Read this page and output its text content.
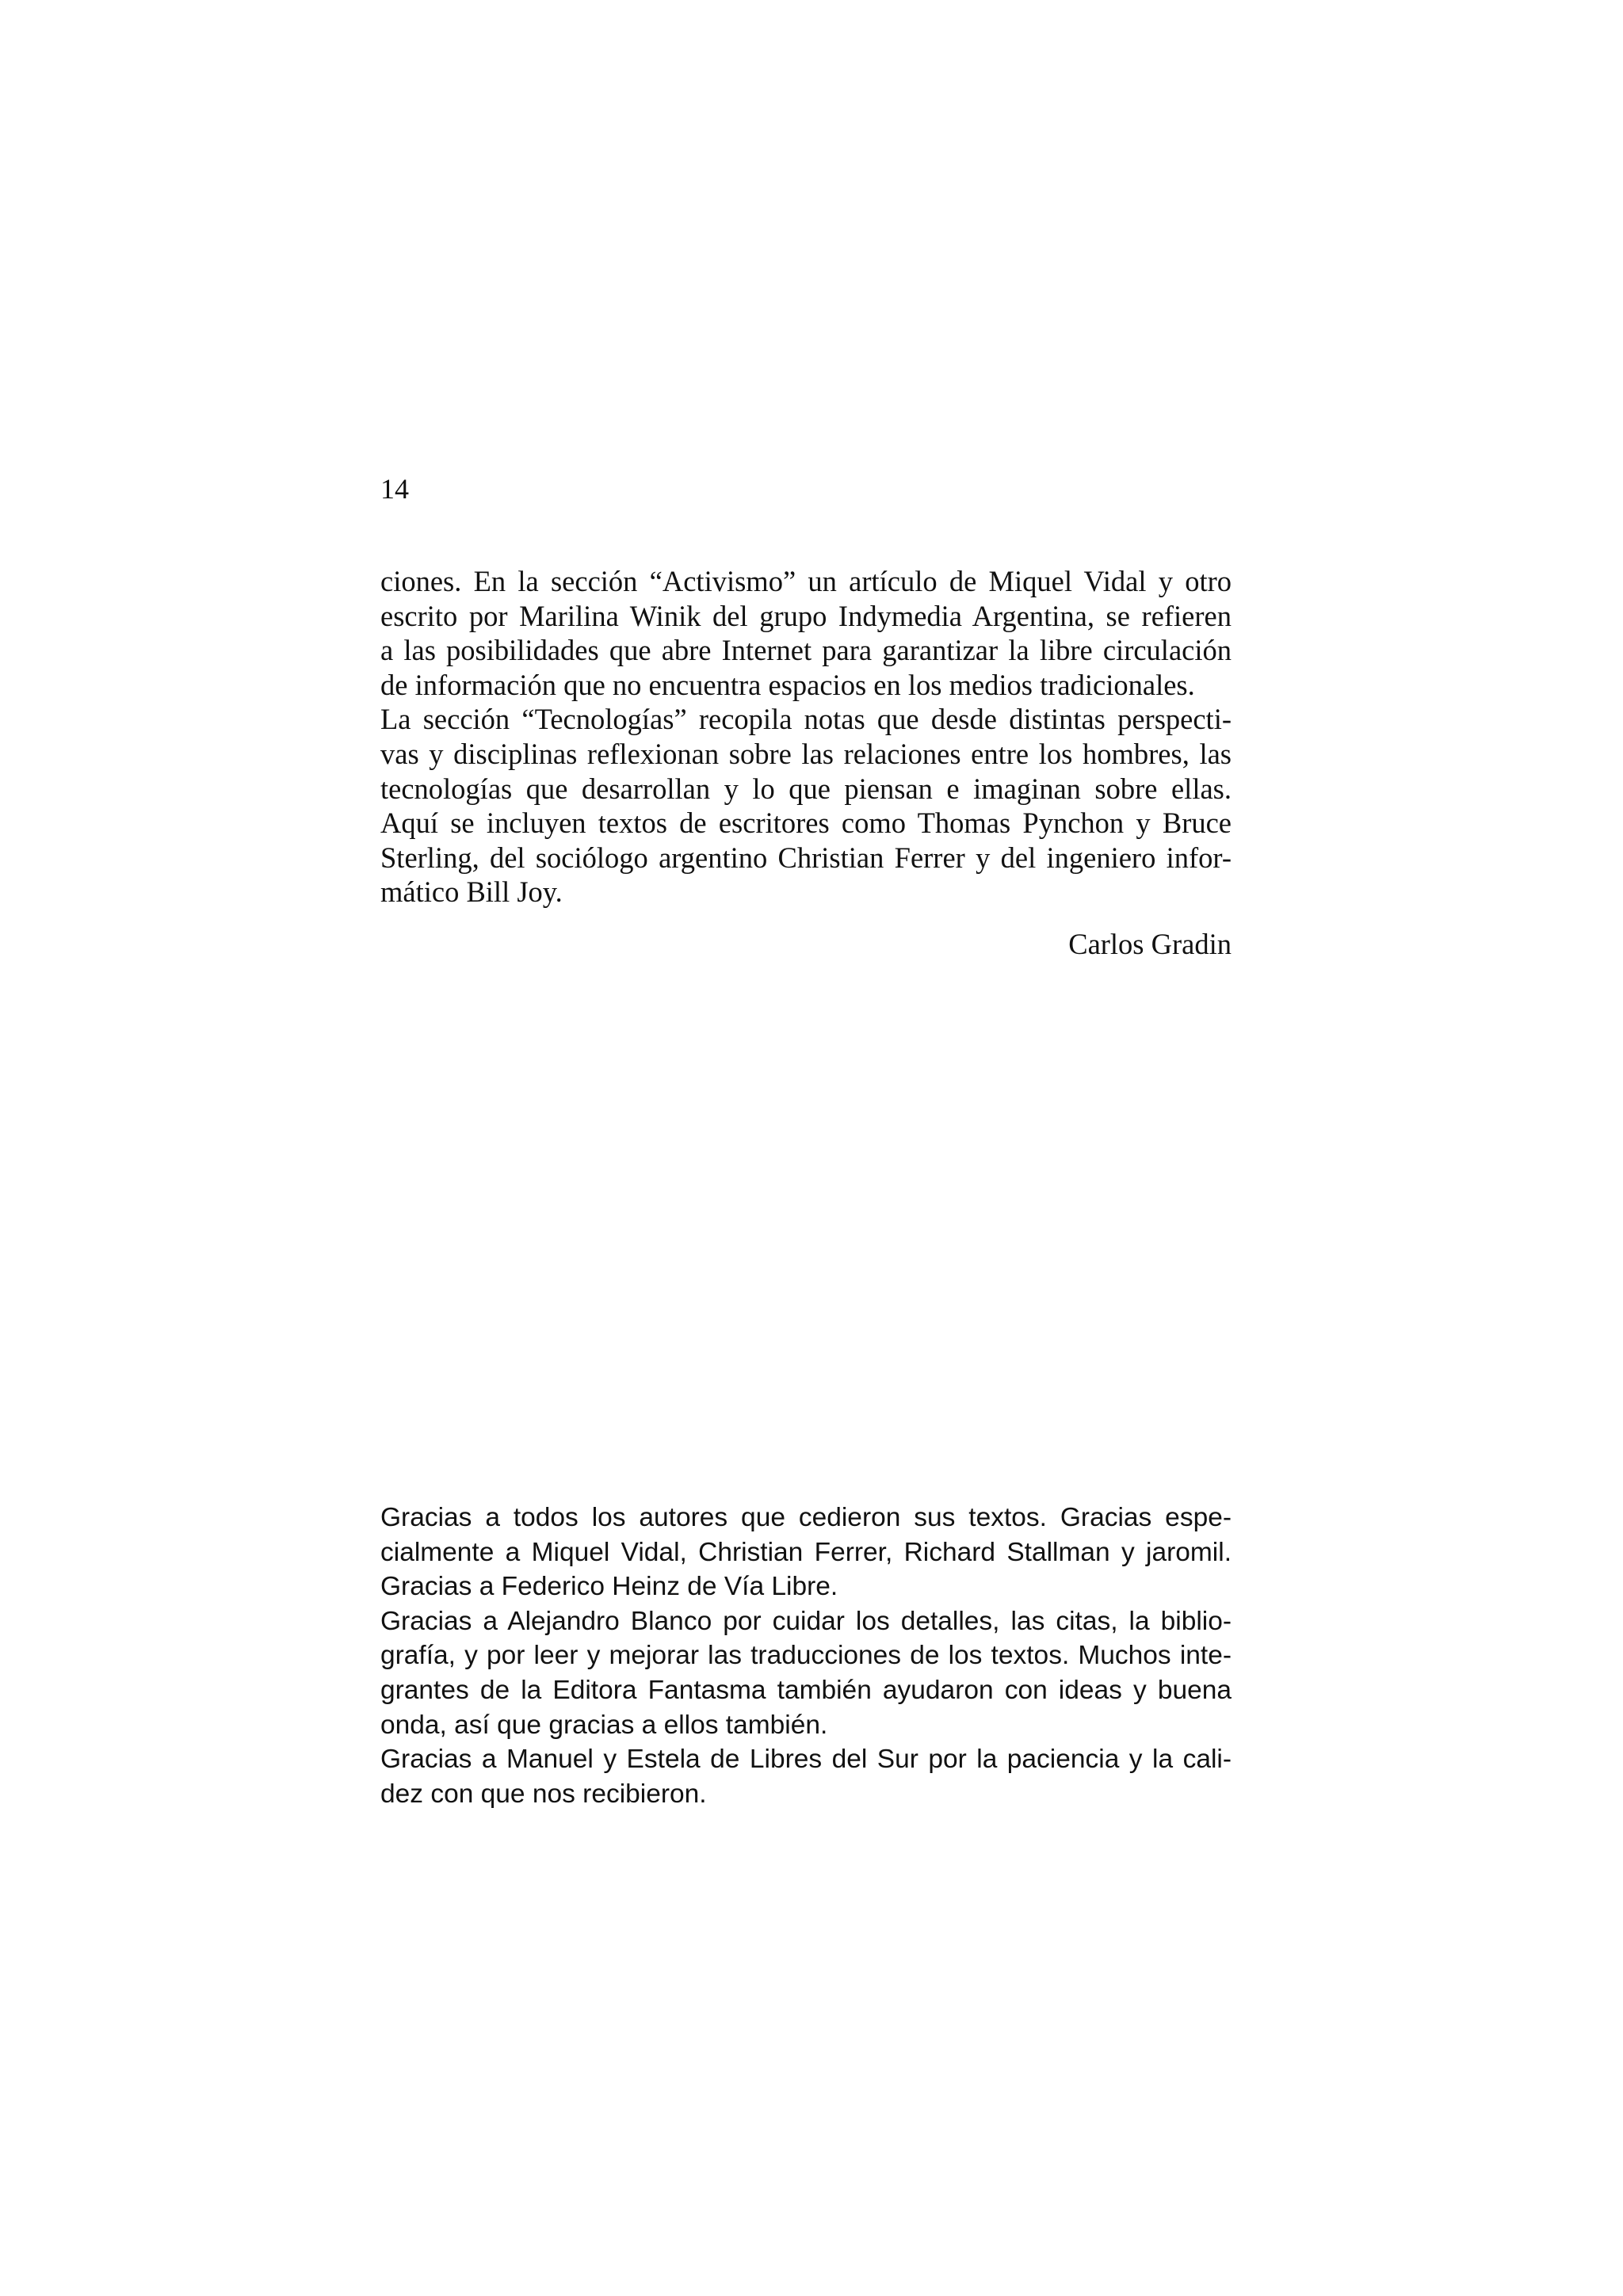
14

ciones. En la sección “Activismo” un artículo de Miquel Vidal y otro

escrito por Marilina Winik del grupo Indymedia Argentina, se refieren

a las posibilidades que abre Internet para garantizar la libre circulación

de información que no encuentra espacios en los medios tradicionales.

La sección “Tecnologías” recopila notas que desde distintas perspecti-

vas y disciplinas reflexionan sobre las relaciones entre los hombres, las

tecnologías que desarrollan y lo que piensan e imaginan sobre ellas.

Aquí se incluyen textos de escritores como Thomas Pynchon y Bruce

Sterling, del sociólogo argentino Christian Ferrer y del ingeniero infor-

mático Bill Joy.

Carlos Gradin

Gracias a todos los autores que cedieron sus textos. Gracias espe-

cialmente a Miquel Vidal, Christian Ferrer, Richard Stallman y jaromil.

Gracias a Federico Heinz de Vía Libre.

Gracias a Alejandro Blanco por cuidar los detalles, las citas, la biblio-

grafía, y por leer y mejorar las traducciones de los textos. Muchos inte-

grantes de la Editora Fantasma también ayudaron con ideas y buena

onda, así que gracias a ellos también.

Gracias a Manuel y Estela de Libres del Sur por la paciencia y la cali-

dez con que nos recibieron.
